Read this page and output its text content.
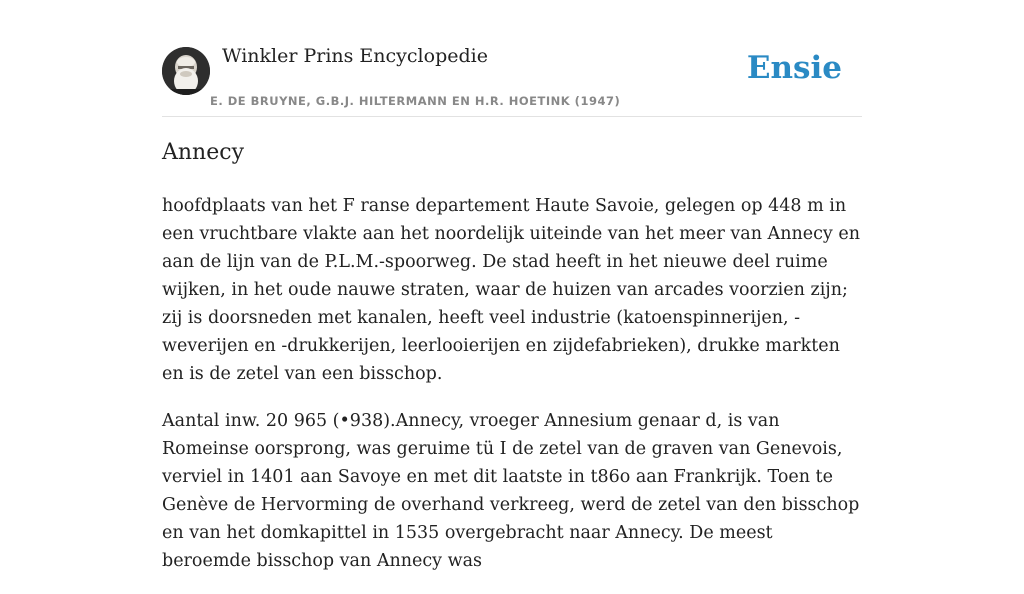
Winkler Prins Encyclopedie
E. DE BRUYNE, G.B.J. HILTERMANN EN H.R. HOETINK (1947)
Ensie
Annecy

hoofdplaats van het F ranse departement Haute Savoie, gelegen op 448 m in een vruchtbare vlakte aan het noordelijk uiteinde van het meer van Annecy en aan de lijn van de P.L.M.-spoorweg. De stad heeft in het nieuwe deel ruime wijken, in het oude nauwe straten, waar de huizen van arcades voorzien zijn; zij is doorsneden met kanalen, heeft veel industrie (katoenspinnerijen, -weverijen en -drukkerijen, leerlooierijen en zijdefabrieken), drukke markten en is de zetel van een bisschop.

Aantal inw. 20 965 (•938).Annecy, vroeger Annesium genaar d, is van Romeinse oorsprong, was geruime tü I de zetel van de graven van Genevois, verviel in 1401 aan Savoye en met dit laatste in t86o aan Frankrijk. Toen te Genève de Hervorming de overhand verkreeg, werd de zetel van den bisschop en van het domkapittel in 1535 overgebracht naar Annecy. De meest beroemde bisschop van Annecy was
